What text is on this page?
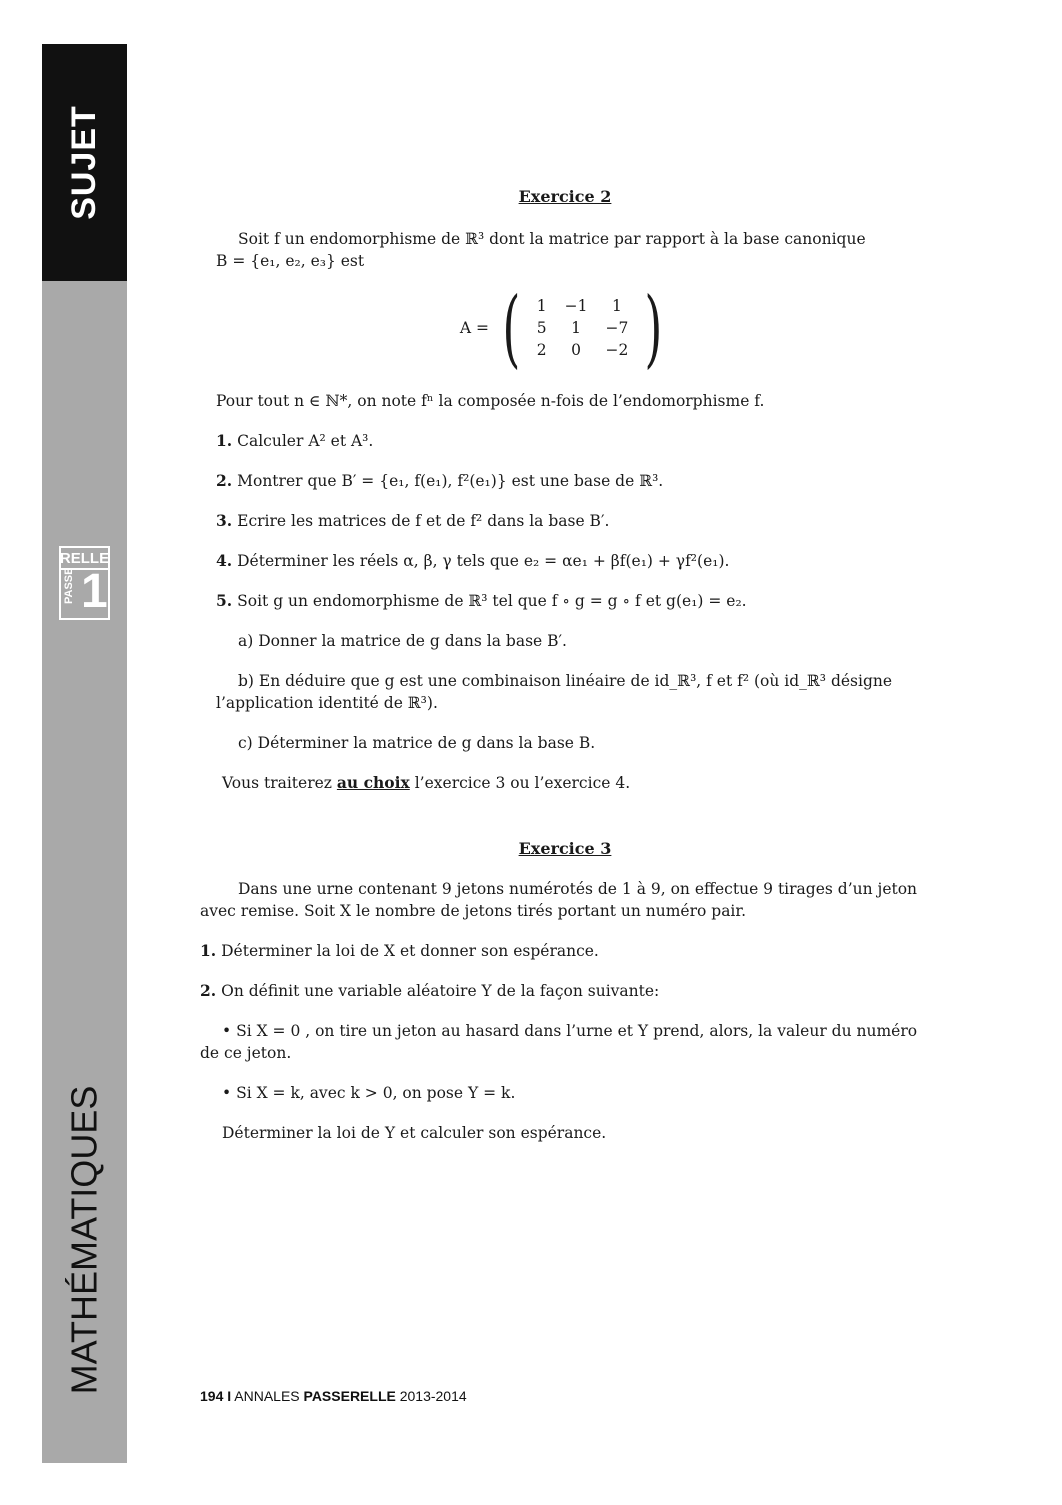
SUJET
RELLE
PASSE 1
MATHÉMATIQUES

Exercice 2

Soit f un endomorphisme de ℝ³ dont la matrice par rapport à la base canonique

B = {e₁, e₂, e₃} est

A = ( 1	−1	1
5	1	−7
2	0	−2 )

Pour tout n ∈ ℕ*, on note fⁿ la composée n-fois de l’endomorphisme f.

1. Calculer A² et A³.

2. Montrer que B′ = {e₁, f(e₁), f²(e₁)} est une base de ℝ³.

3. Ecrire les matrices de f et de f² dans la base B′.

4. Déterminer les réels α, β, γ tels que e₂ = αe₁ + βf(e₁) + γf²(e₁).

5. Soit g un endomorphisme de ℝ³ tel que f ∘ g = g ∘ f et g(e₁) = e₂.

a) Donner la matrice de g dans la base B′.

b) En déduire que g est une combinaison linéaire de id_ℝ³, f et f² (où id_ℝ³ désigne

l’application identité de ℝ³).

c) Déterminer la matrice de g dans la base B.

Vous traiterez au choix l’exercice 3 ou l’exercice 4.

Exercice 3

Dans une urne contenant 9 jetons numérotés de 1 à 9, on effectue 9 tirages d’un jeton

avec remise. Soit X le nombre de jetons tirés portant un numéro pair.

1. Déterminer la loi de X et donner son espérance.

2. On définit une variable aléatoire Y de la façon suivante:

• Si X = 0 , on tire un jeton au hasard dans l’urne et Y prend, alors, la valeur du numéro

de ce jeton.

• Si X = k, avec k > 0, on pose Y = k.

Déterminer la loi de Y et calculer son espérance.

194 I ANNALES PASSERELLE 2013-2014
